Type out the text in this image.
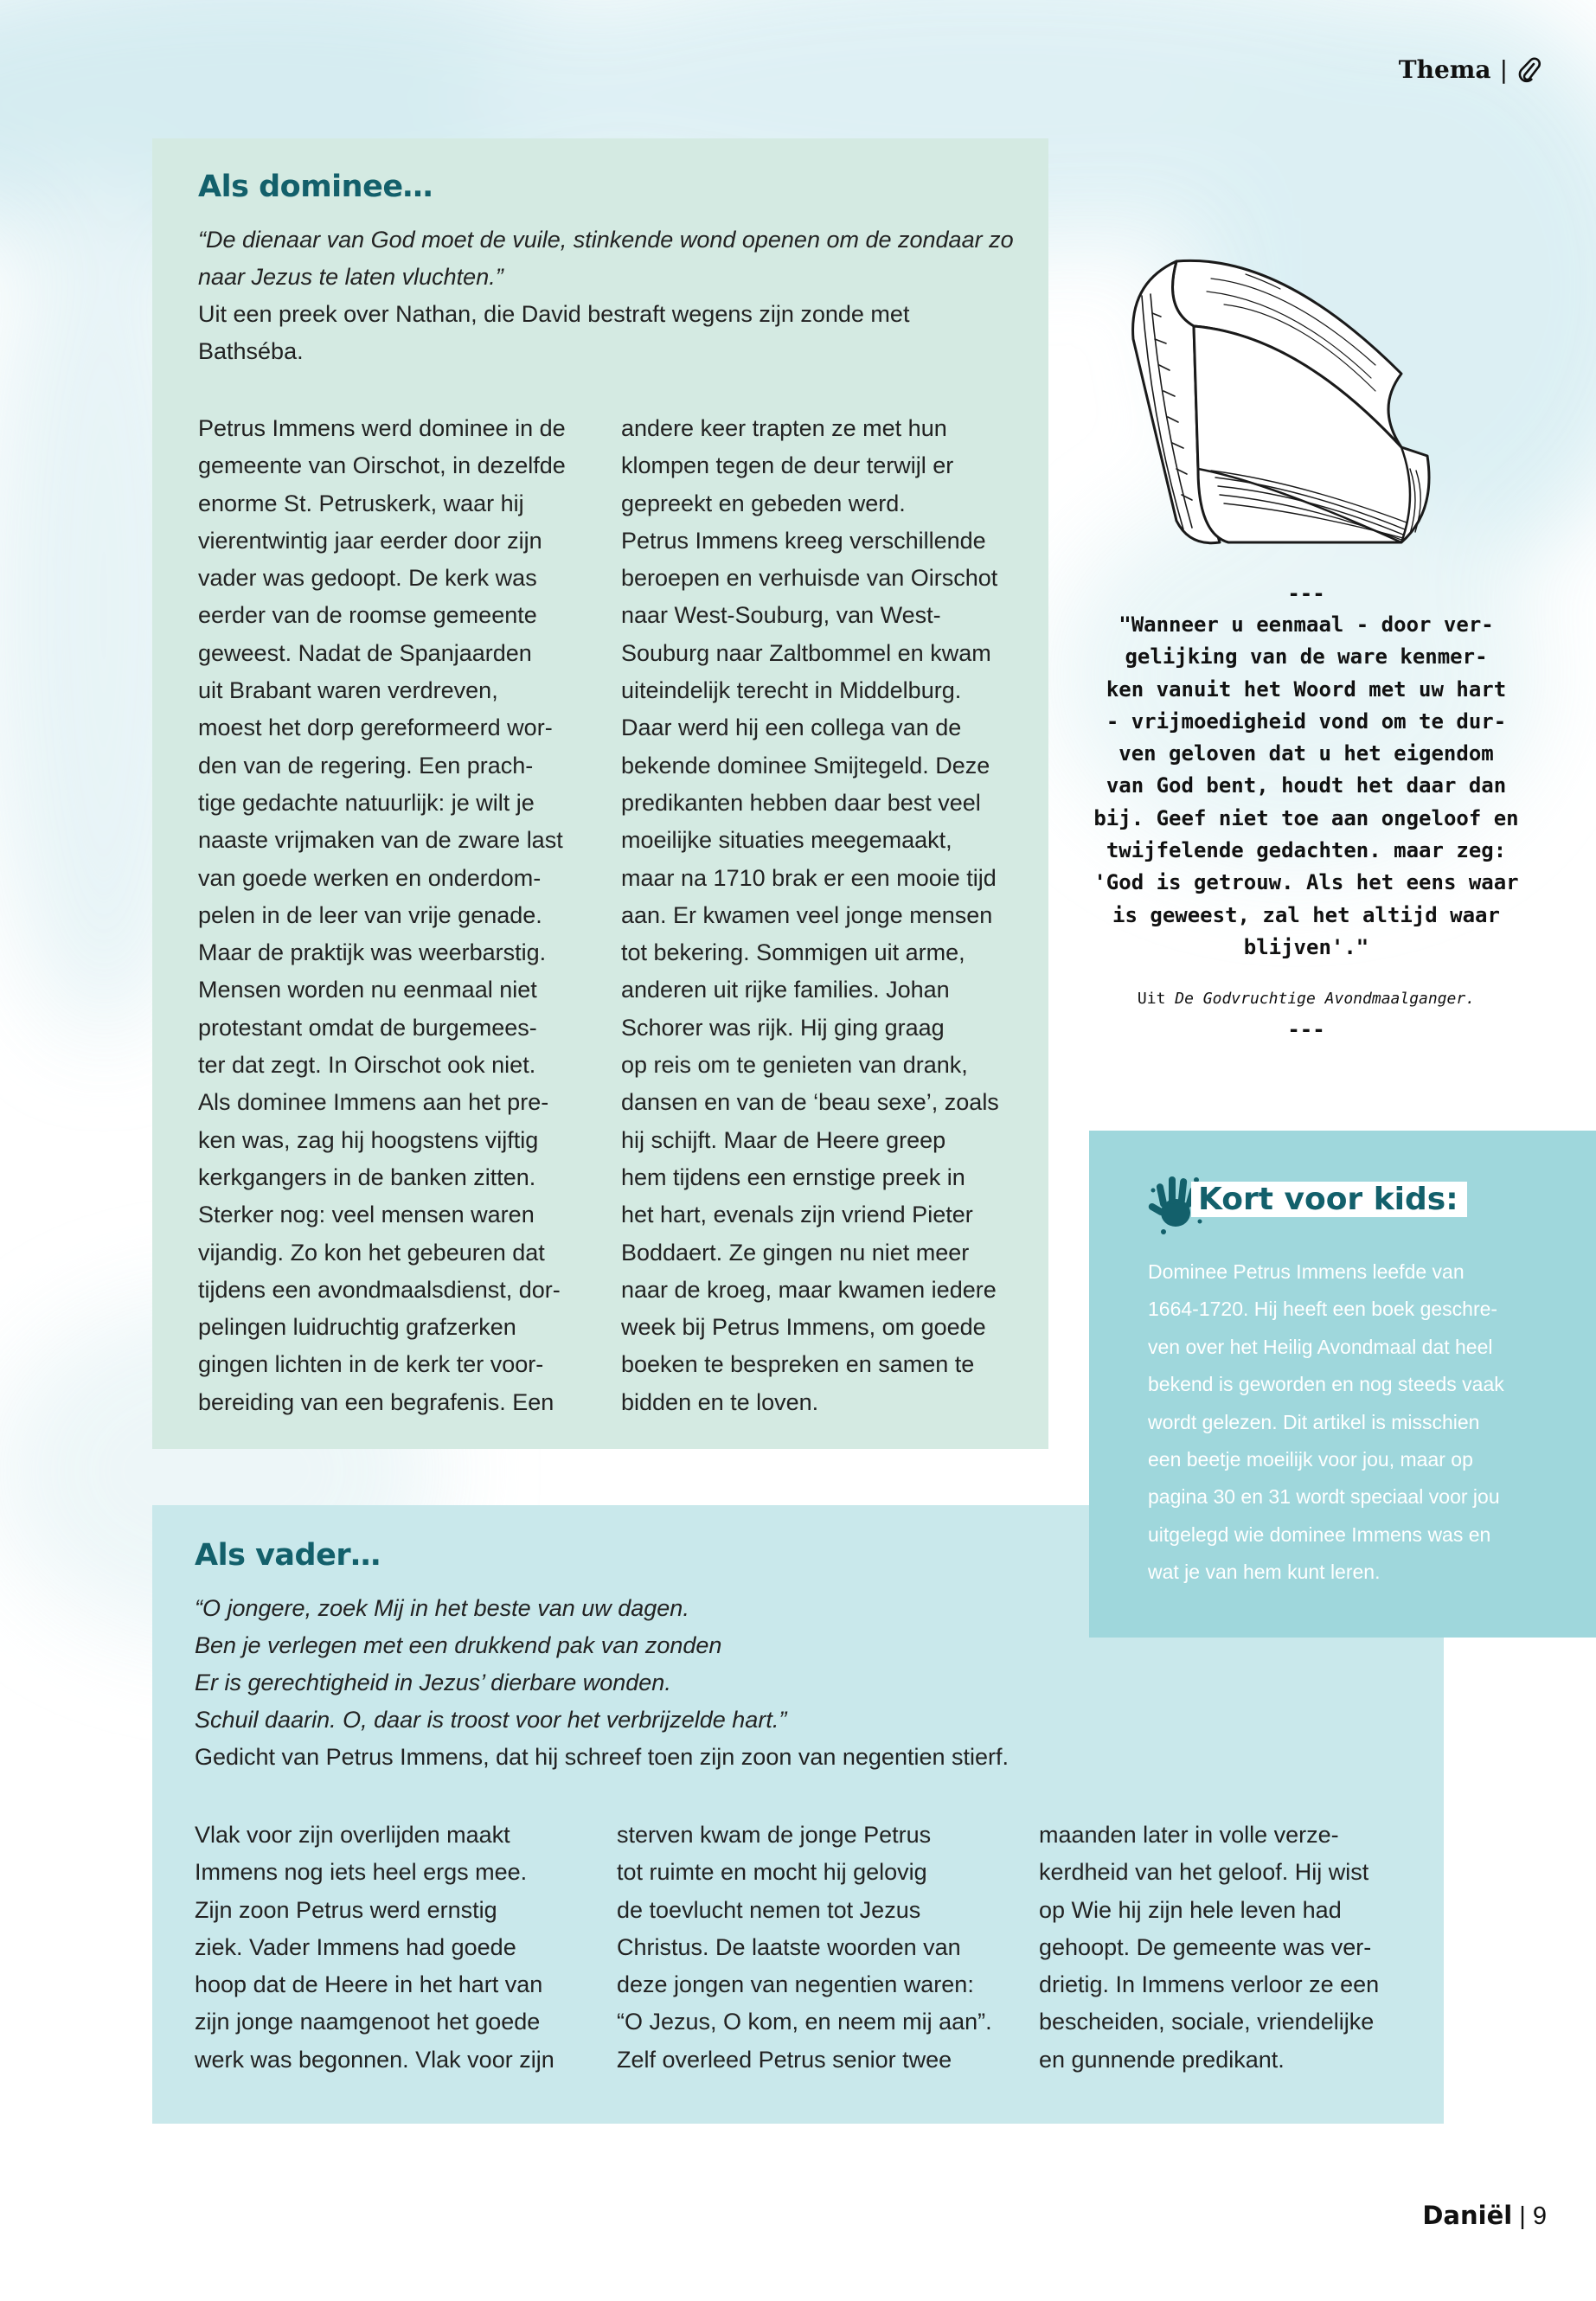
Thema |
Als dominee…
“De dienaar van God moet de vuile, stinkende wond openen om de zondaar zo
naar Jezus te laten vluchten.”
Uit een preek over Nathan, die David bestraft wegens zijn zonde met
Bathséba.

Petrus Immens werd dominee in de

gemeente van Oirschot, in dezelfde

enorme St. Petruskerk, waar hij

vierentwintig jaar eerder door zijn

vader was gedoopt. De kerk was

eerder van de roomse gemeente

geweest. Nadat de Spanjaarden

uit Brabant waren verdreven,

moest het dorp gereformeerd wor-

den van de regering. Een prach-

tige gedachte natuurlijk: je wilt je

naaste vrijmaken van de zware last

van goede werken en onderdom-

pelen in de leer van vrije genade.

Maar de praktijk was weerbarstig.

Mensen worden nu eenmaal niet

protestant omdat de burgemees-

ter dat zegt. In Oirschot ook niet.

Als dominee Immens aan het pre-

ken was, zag hij hoogstens vijftig

kerkgangers in de banken zitten.

Sterker nog: veel mensen waren

vijandig. Zo kon het gebeuren dat

tijdens een avondmaalsdienst, dor-

pelingen luidruchtig grafzerken

gingen lichten in de kerk ter voor-

bereiding van een begrafenis. Een

andere keer trapten ze met hun

klompen tegen de deur terwijl er

gepreekt en gebeden werd.

Petrus Immens kreeg verschillende

beroepen en verhuisde van Oirschot

naar West-Souburg, van West-

Souburg naar Zaltbommel en kwam

uiteindelijk terecht in Middelburg.

Daar werd hij een collega van de

bekende dominee Smijtegeld. Deze

predikanten hebben daar best veel

moeilijke situaties meegemaakt,

maar na 1710 brak er een mooie tijd

aan. Er kwamen veel jonge mensen

tot bekering. Sommigen uit arme,

anderen uit rijke families. Johan

Schorer was rijk. Hij ging graag

op reis om te genieten van drank,

dansen en van de ‘beau sexe’, zoals

hij schijft. Maar de Heere greep

hem tijdens een ernstige preek in

het hart, evenals zijn vriend Pieter

Boddaert. Ze gingen nu niet meer

naar de kroeg, maar kwamen iedere

week bij Petrus Immens, om goede

boeken te bespreken en samen te

bidden en te loven.

---

"Wanneer u eenmaal - door ver-

gelijking van de ware kenmer-

ken vanuit het Woord met uw hart

- vrijmoedigheid vond om te dur-

ven geloven dat u het eigendom

van God bent, houdt het daar dan

bij. Geef niet toe aan ongeloof en

twijfelende gedachten. maar zeg:

'God is getrouw. Als het eens waar

is geweest, zal het altijd waar

blijven'."

Uit De Godvruchtige Avondmaalganger.
---
Als vader…
“O jongere, zoek Mij in het beste van uw dagen.
Ben je verlegen met een drukkend pak van zonden
Er is gerechtigheid in Jezus’ dierbare wonden.
Schuil daarin. O, daar is troost voor het verbrijzelde hart.”
Gedicht van Petrus Immens, dat hij schreef toen zijn zoon van negentien stierf.

Vlak voor zijn overlijden maakt

Immens nog iets heel ergs mee.

Zijn zoon Petrus werd ernstig

ziek. Vader Immens had goede

hoop dat de Heere in het hart van

zijn jonge naamgenoot het goede

werk was begonnen. Vlak voor zijn

sterven kwam de jonge Petrus

tot ruimte en mocht hij gelovig

de toevlucht nemen tot Jezus

Christus. De laatste woorden van

deze jongen van negentien waren:

“O Jezus, O kom, en neem mij aan”.

Zelf overleed Petrus senior twee

maanden later in volle verze-

kerdheid van het geloof. Hij wist

op Wie hij zijn hele leven had

gehoopt. De gemeente was ver-

drietig. In Immens verloor ze een

bescheiden, sociale, vriendelijke

en gunnende predikant.

Kort voor kids:

Dominee Petrus Immens leefde van

1664-1720. Hij heeft een boek geschre-

ven over het Heilig Avondmaal dat heel

bekend is geworden en nog steeds vaak

wordt gelezen. Dit artikel is misschien

een beetje moeilijk voor jou, maar op

pagina 30 en 31 wordt speciaal voor jou

uitgelegd wie dominee Immens was en

wat je van hem kunt leren.

Daniël | 9
